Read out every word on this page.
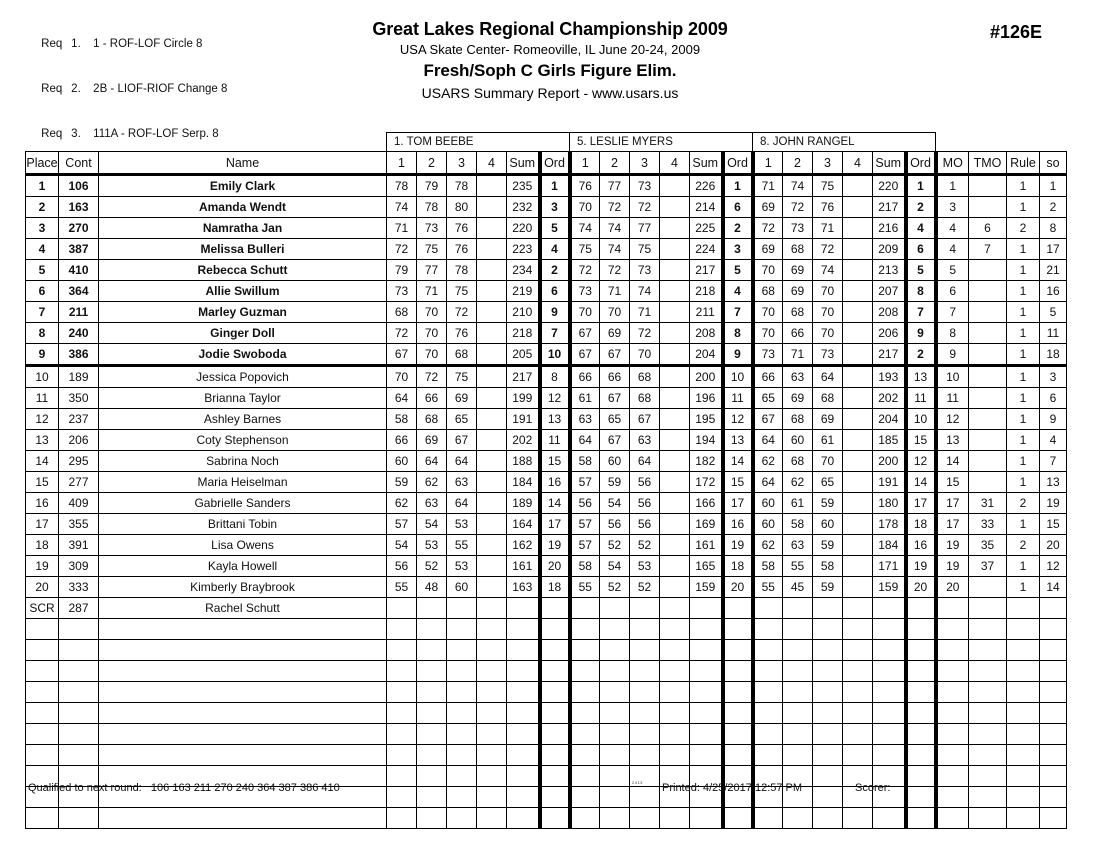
Req 1. 1 - ROF-LOF Circle 8

Req 2. 2B - LIOF-RIOF Change 8

Req 3. 111A - ROF-LOF Serp. 8

Great Lakes Regional Championship 2009
USA Skate Center- Romeoville, IL June 20-24, 2009
Fresh/Soph C Girls Figure Elim.
USARS Summary Report - www.usars.us
#126E
			1. TOM BEEBE						5. LESLIE MYERS						8. JOHN RANGEL									
Place	Cont	Name	1	2	3	4	Sum	Ord	1	2	3	4	Sum	Ord	1	2	3	4	Sum	Ord	MO	TMO	Rule	so
1	106	Emily Clark	78	79	78		235	1	76	77	73		226	1	71	74	75		220	1	1		1	1
2	163	Amanda Wendt	74	78	80		232	3	70	72	72		214	6	69	72	76		217	2	3		1	2
3	270	Namratha Jan	71	73	76		220	5	74	74	77		225	2	72	73	71		216	4	4	6	2	8
4	387	Melissa Bulleri	72	75	76		223	4	75	74	75		224	3	69	68	72		209	6	4	7	1	17
5	410	Rebecca Schutt	79	77	78		234	2	72	72	73		217	5	70	69	74		213	5	5		1	21
6	364	Allie Swillum	73	71	75		219	6	73	71	74		218	4	68	69	70		207	8	6		1	16
7	211	Marley Guzman	68	70	72		210	9	70	70	71		211	7	70	68	70		208	7	7		1	5
8	240	Ginger Doll	72	70	76		218	7	67	69	72		208	8	70	66	70		206	9	8		1	11
9	386	Jodie Swoboda	67	70	68		205	10	67	67	70		204	9	73	71	73		217	2	9		1	18
10	189	Jessica Popovich	70	72	75		217	8	66	66	68		200	10	66	63	64		193	13	10		1	3
11	350	Brianna Taylor	64	66	69		199	12	61	67	68		196	11	65	69	68		202	11	11		1	6
12	237	Ashley Barnes	58	68	65		191	13	63	65	67		195	12	67	68	69		204	10	12		1	9
13	206	Coty Stephenson	66	69	67		202	11	64	67	63		194	13	64	60	61		185	15	13		1	4
14	295	Sabrina Noch	60	64	64		188	15	58	60	64		182	14	62	68	70		200	12	14		1	7
15	277	Maria Heiselman	59	62	63		184	16	57	59	56		172	15	64	62	65		191	14	15		1	13
16	409	Gabrielle Sanders	62	63	64		189	14	56	54	56		166	17	60	61	59		180	17	17	31	2	19
17	355	Brittani Tobin	57	54	53		164	17	57	56	56		169	16	60	58	60		178	18	17	33	1	15
18	391	Lisa Owens	54	53	55		162	19	57	52	52		161	19	62	63	59		184	16	19	35	2	20
19	309	Kayla Howell	56	52	53		161	20	58	54	53		165	18	58	55	58		171	19	19	37	1	12
20	333	Kimberly Braybrook	55	48	60		163	18	55	52	52		159	20	55	45	59		159	20	20		1	14
SCR	287	Rachel Schutt																						

Qualified to next round: 106 163 211 270 240 364 387 386 410	2413 Printed: 4/25/2017 12:57 PM	Scorer:
